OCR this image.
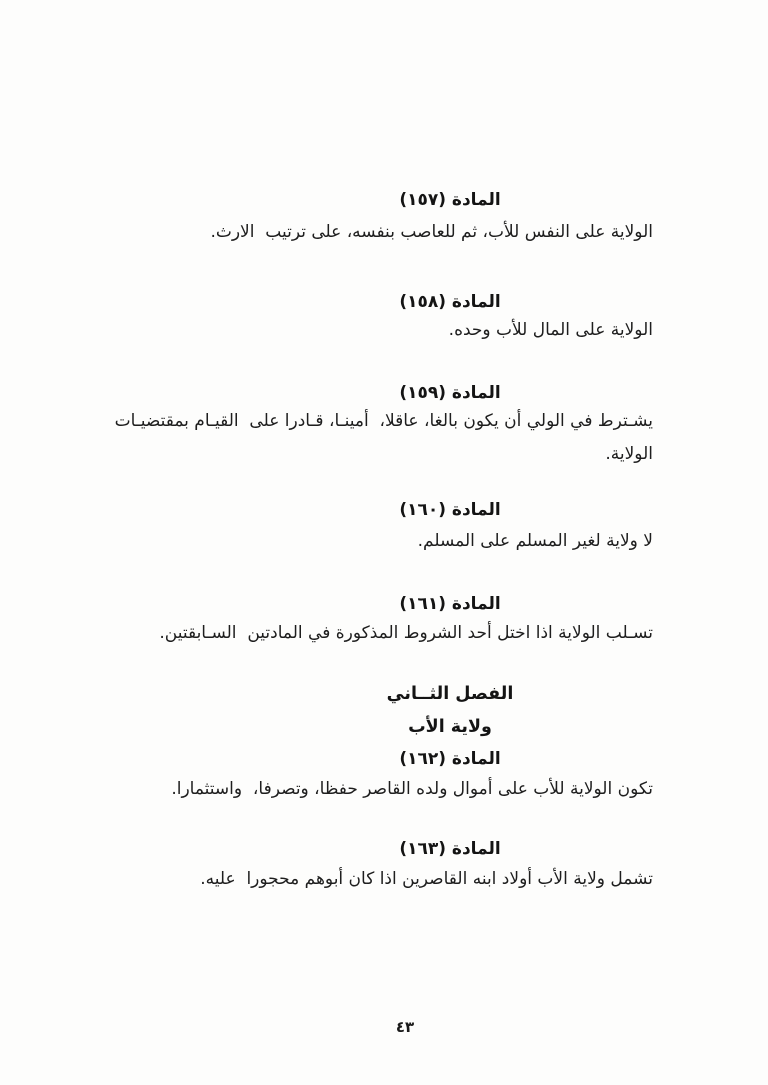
المادة (١٥٧)
الولاية على النفس للأب، ثم للعاصب بنفسه، على ترتيب  الارث.
المادة (١٥٨)
الولاية على المال للأب وحده.
المادة (١٥٩)
يشـترط في الولي أن يكون بالغا، عاقلا،  أمينـا، قـادرا على  القيـام بمقتضيـات
الولاية.
المادة (١٦٠)
لا ولاية لغير المسلم على المسلم.
المادة (١٦١)
تسـلب الولاية اذا اختل أحد الشروط المذكورة في المادتين  السـابقتين.
الفصل الثــاني
ولاية الأب
المادة (١٦٢)
تكون الولاية للأب على أموال ولده القاصر حفظا، وتصرفا،  واستثمارا.
المادة (١٦٣)
تشمل ولاية الأب أولاد ابنه القاصرين اذا كان أبوهم محجورا  عليه.
٤٣
